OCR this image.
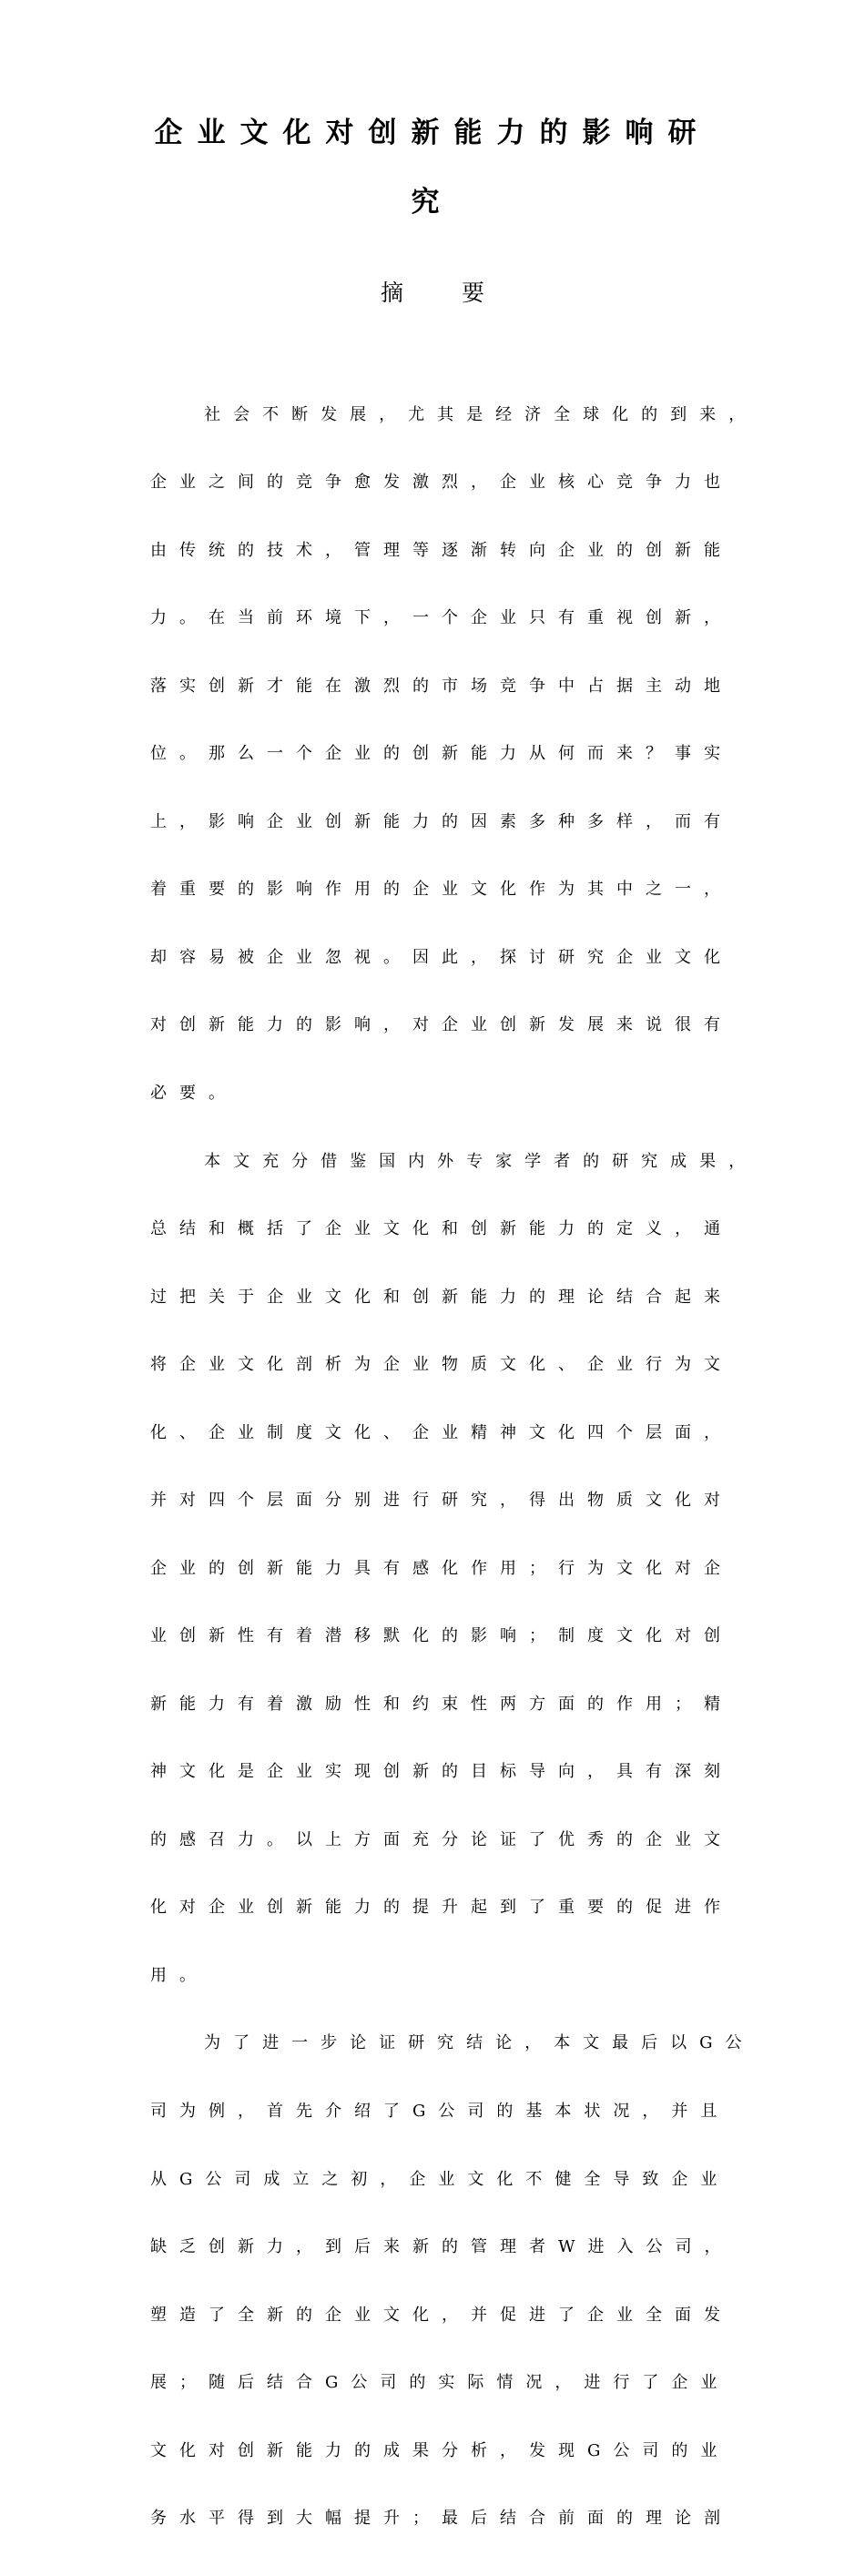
企业文化对创新能力的影响研
究
摘	要

社会不断发展，尤其是经济全球化的到来，

企业之间的竞争愈发激烈，企业核心竞争力也

由传统的技术，管理等逐渐转向企业的创新能

力。在当前环境下，一个企业只有重视创新，

落实创新才能在激烈的市场竞争中占据主动地

位。那么一个企业的创新能力从何而来？事实

上，影响企业创新能力的因素多种多样，而有

着重要的影响作用的企业文化作为其中之一，

却容易被企业忽视。因此，探讨研究企业文化

对创新能力的影响，对企业创新发展来说很有

必要。

本文充分借鉴国内外专家学者的研究成果，

总结和概括了企业文化和创新能力的定义，通

过把关于企业文化和创新能力的理论结合起来

将企业文化剖析为企业物质文化、企业行为文

化、企业制度文化、企业精神文化四个层面，

并对四个层面分别进行研究，得出物质文化对

企业的创新能力具有感化作用；行为文化对企

业创新性有着潜移默化的影响；制度文化对创

新能力有着激励性和约束性两方面的作用；精

神文化是企业实现创新的目标导向，具有深刻

的感召力。以上方面充分论证了优秀的企业文

化对企业创新能力的提升起到了重要的促进作

用。

为了进一步论证研究结论，本文最后以G公

司为例，首先介绍了G公司的基本状况，并且

从G公司成立之初，企业文化不健全导致企业

缺乏创新力，到后来新的管理者W进入公司，

塑造了全新的企业文化，并促进了企业全面发

展；随后结合G公司的实际情况，进行了企业

文化对创新能力的成果分析，发现G公司的业

务水平得到大幅提升；最后结合前面的理论剖
